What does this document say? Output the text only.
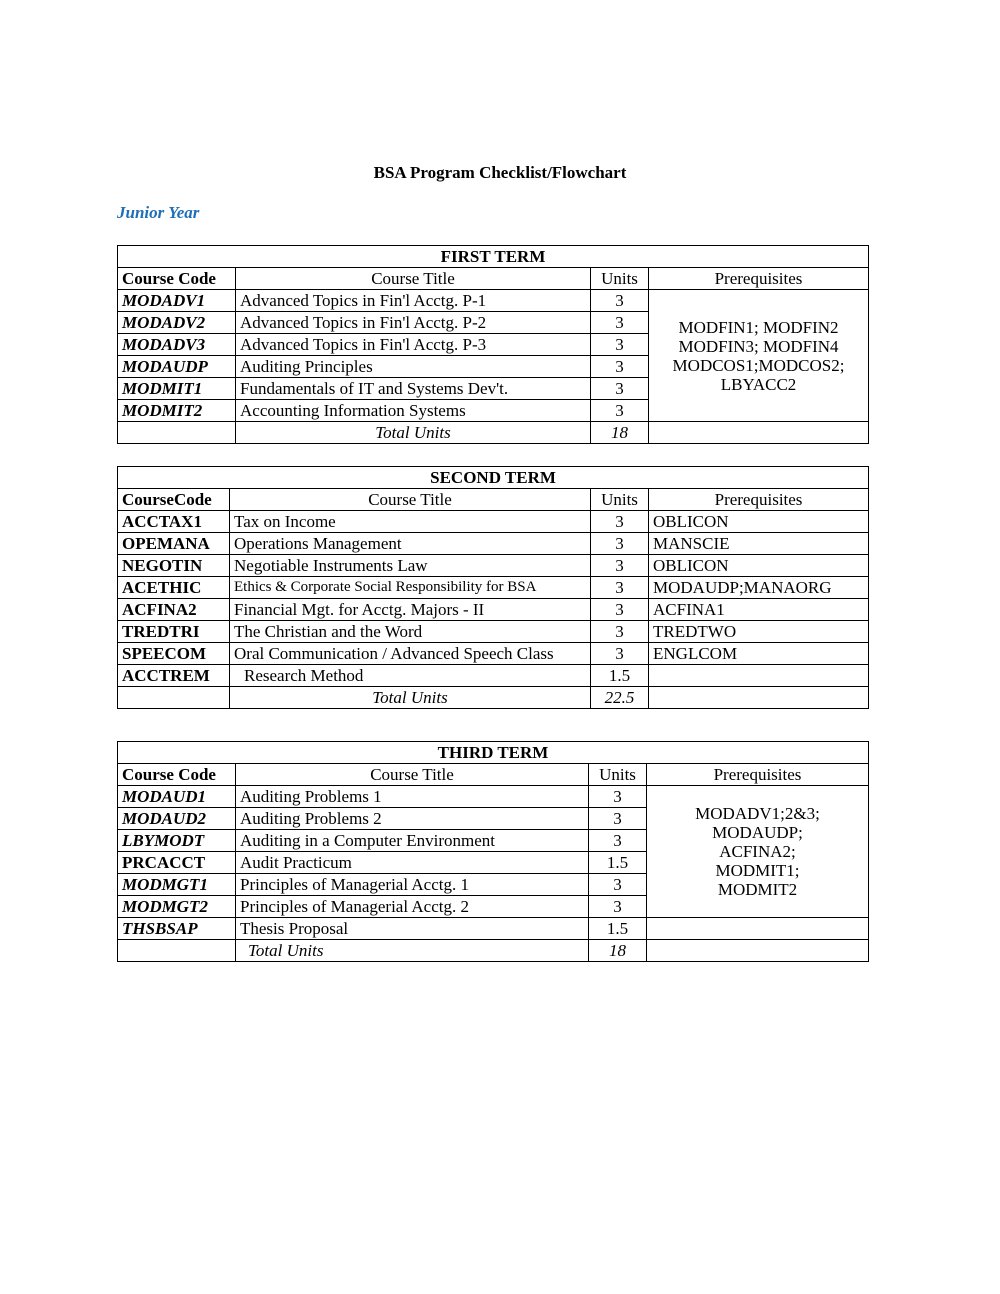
BSA Program Checklist/Flowchart
Junior Year
FIRST TERM			
Course Code	Course Title	Units	Prerequisites
MODADV1	Advanced Topics in Fin'l Acctg. P-1	3	MODFIN1; MODFIN2
MODFIN3; MODFIN4
MODCOS1;MODCOS2;
LBYACC2

MODADV2	Advanced Topics in Fin'l Acctg. P-2	3	
MODADV3	Advanced Topics in Fin'l Acctg. P-3	3	
MODAUDP	Auditing Principles	3	
MODMIT1	Fundamentals of IT and Systems Dev't.	3	
MODMIT2	Accounting Information Systems	3	
	Total Units	18	
SECOND TERM			
CourseCode	Course Title	Units	Prerequisites
ACCTAX1	Tax on Income	3	OBLICON
OPEMANA	Operations Management	3	MANSCIE
NEGOTIN	Negotiable Instruments Law	3	OBLICON
ACETHIC	Ethics & Corporate Social Responsibility for BSA	3	MODAUDP;MANAORG
ACFINA2	Financial Mgt. for Acctg. Majors - II	3	ACFINA1
TREDTRI	The Christian and the Word	3	TREDTWO
SPEECOM	Oral Communication / Advanced Speech Class	3	ENGLCOM
ACCTREM	Research Method	1.5	
	Total Units	22.5	
THIRD TERM			
Course Code	Course Title	Units	Prerequisites
MODAUD1	Auditing Problems 1	3	MODADV1;2&3;
MODAUDP;
ACFINA2;
MODMIT1;
MODMIT2

MODAUD2	Auditing Problems 2	3	
LBYMODT	Auditing in a Computer Environment	3	
PRCACCT	Audit Practicum	1.5	
MODMGT1	Principles of Managerial Acctg. 1	3	
MODMGT2	Principles of Managerial Acctg. 2	3	
THSBSAP	Thesis Proposal	1.5	
	Total Units	18	
